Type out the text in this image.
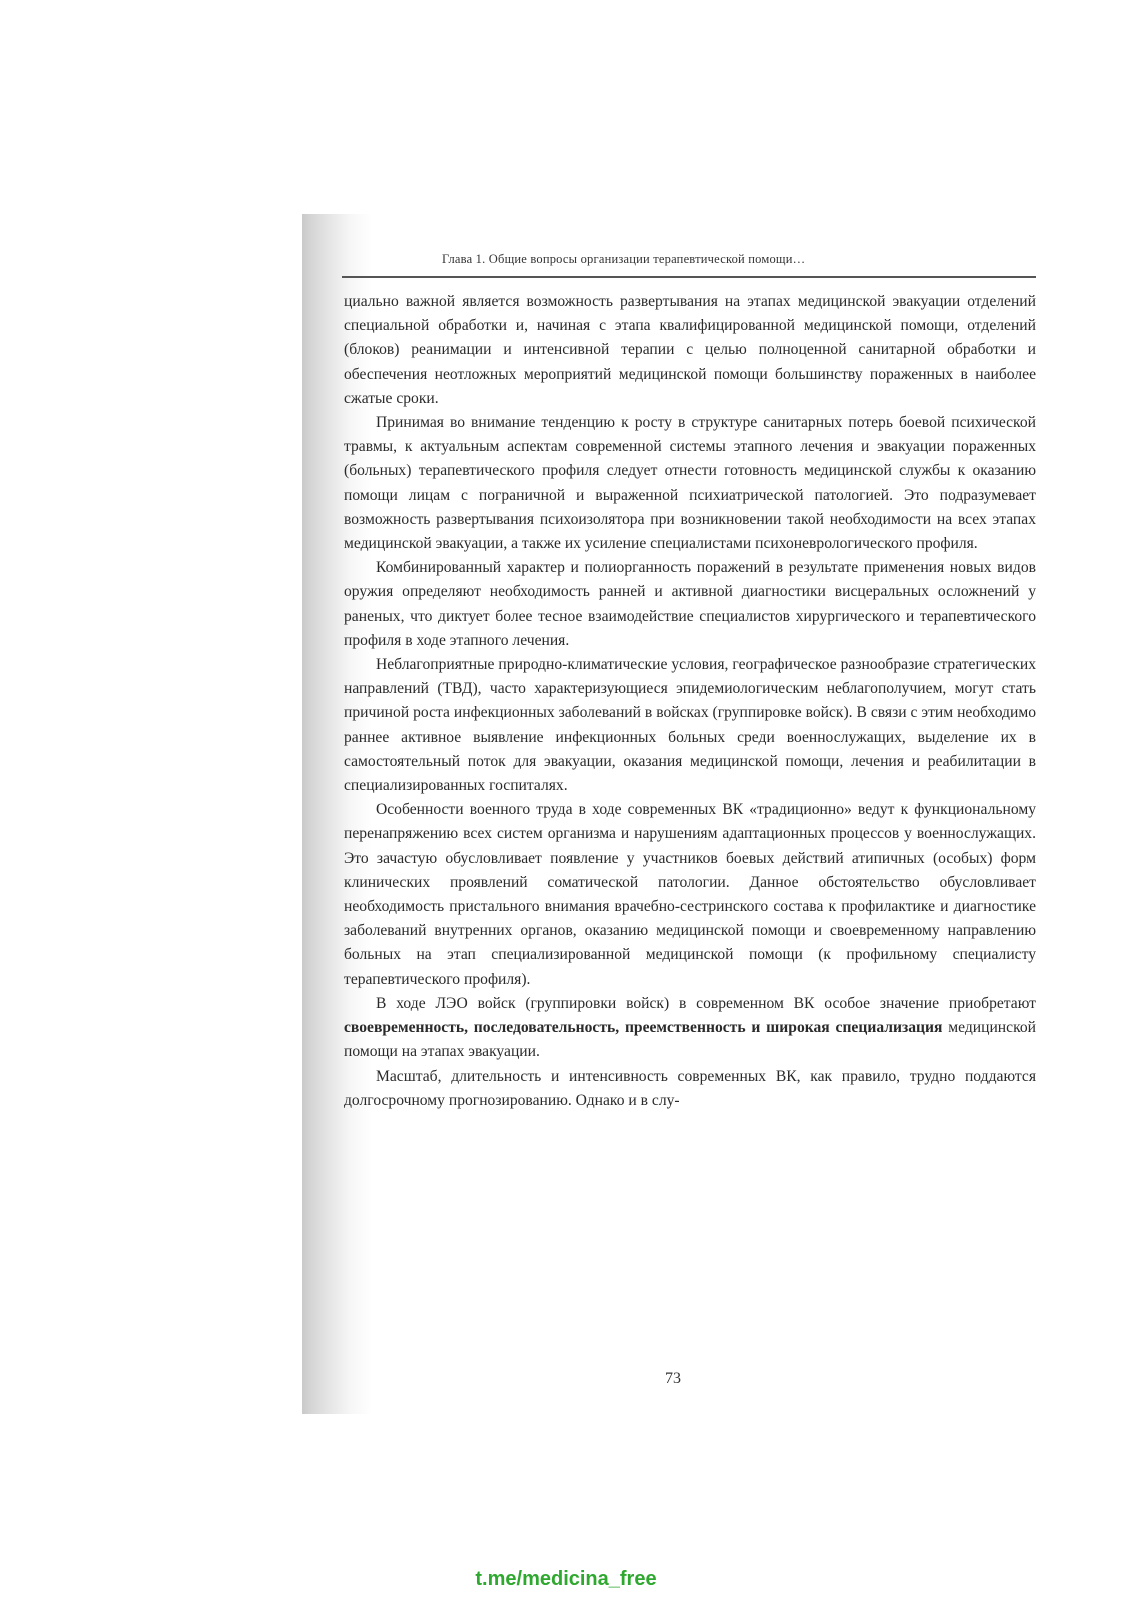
Глава 1. Общие вопросы организации терапевтической помощи…

циально важной является возможность развертывания на этапах медицинской эвакуации отделений специальной обработки и, начиная с этапа квалифицированной медицинской помощи, отделений (блоков) реанимации и интенсивной терапии с целью полноценной санитарной обработки и обеспечения неотложных мероприятий медицинской помощи большинству пораженных в наиболее сжатые сроки.

Принимая во внимание тенденцию к росту в структуре санитарных потерь боевой психической травмы, к актуальным аспектам современной системы этапного лечения и эвакуации пораженных (больных) терапевтического профиля следует отнести готовность медицинской службы к оказанию помощи лицам с пограничной и выраженной психиатрической патологией. Это подразумевает возможность развертывания психоизолятора при возникновении такой необходимости на всех этапах медицинской эвакуации, а также их усиление специалистами психоневрологического профиля.

Комбинированный характер и полиорганность поражений в результате применения новых видов оружия определяют необходимость ранней и активной диагностики висцеральных осложнений у раненых, что диктует более тесное взаимодействие специалистов хирургического и терапевтического профиля в ходе этапного лечения.

Неблагоприятные природно-климатические условия, географическое разнообразие стратегических направлений (ТВД), часто характеризующиеся эпидемиологическим неблагополучием, могут стать причиной роста инфекционных заболеваний в войсках (группировке войск). В связи с этим необходимо раннее активное выявление инфекционных больных среди военнослужащих, выделение их в самостоятельный поток для эвакуации, оказания медицинской помощи, лечения и реабилитации в специализированных госпиталях.

Особенности военного труда в ходе современных ВК «традиционно» ведут к функциональному перенапряжению всех систем организма и нарушениям адаптационных процессов у военнослужащих. Это зачастую обусловливает появление у участников боевых действий атипичных (особых) форм клинических проявлений соматической патологии. Данное обстоятельство обусловливает необходимость пристального внимания врачебно-сестринского состава к профилактике и диагностике заболеваний внутренних органов, оказанию медицинской помощи и своевременному направлению больных на этап специализированной медицинской помощи (к профильному специалисту терапевтического профиля).

В ходе ЛЭО войск (группировки войск) в современном ВК особое значение приобретают своевременность, последовательность, преемственность и широкая специализация медицинской помощи на этапах эвакуации.

Масштаб, длительность и интенсивность современных ВК, как правило, трудно поддаются долгосрочному прогнозированию. Однако и в слу-

73
t.me/medicina_free
